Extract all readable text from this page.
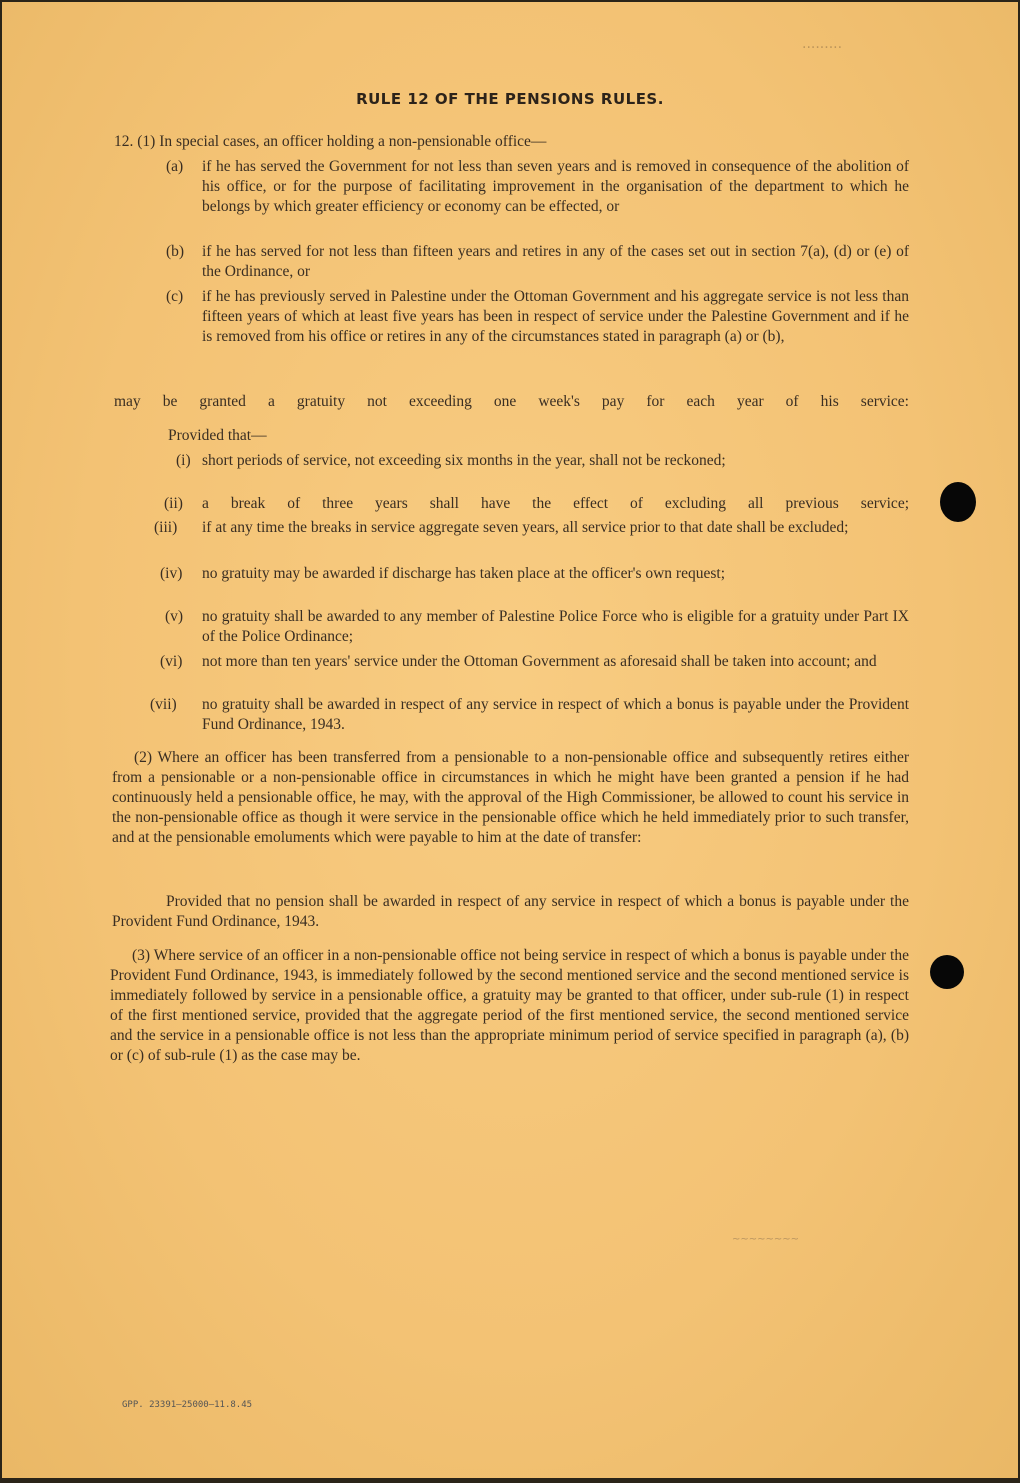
·········
RULE 12 OF THE PENSIONS RULES.
12. (1) In special cases, an officer holding a non-pensionable office—
(a) if he has served the Government for not less than seven years and is removed in consequence of the abolition of his office, or for the purpose of facilitating improvement in the organisation of the department to which he belongs by which greater efficiency or economy can be effected, or
(b) if he has served for not less than fifteen years and retires in any of the cases set out in section 7(a), (d) or (e) of the Ordinance, or
(c) if he has previously served in Palestine under the Ottoman Government and his aggregate service is not less than fifteen years of which at least five years has been in respect of service under the Palestine Government and if he is removed from his office or retires in any of the circumstances stated in paragraph (a) or (b),
may be granted a gratuity not exceeding one week's pay for each year of his service:
Provided that—
(i) short periods of service, not exceeding six months in the year, shall not be reckoned;
(ii) a break of three years shall have the effect of excluding all previous service;
(iii) if at any time the breaks in service aggregate seven years, all service prior to that date shall be excluded;
(iv) no gratuity may be awarded if discharge has taken place at the officer's own request;
(v) no gratuity shall be awarded to any member of Palestine Police Force who is eligible for a gratuity under Part IX of the Police Ordinance;
(vi) not more than ten years' service under the Ottoman Government as aforesaid shall be taken into account; and
(vii) no gratuity shall be awarded in respect of any service in respect of which a bonus is payable under the Provident Fund Ordinance, 1943.
(2) Where an officer has been transferred from a pensionable to a non-pensionable office and subsequently retires either from a pensionable or a non-pensionable office in circumstances in which he might have been granted a pension if he had continuously held a pensionable office, he may, with the approval of the High Commissioner, be allowed to count his service in the non-pensionable office as though it were service in the pensionable office which he held immediately prior to such transfer, and at the pensionable emoluments which were payable to him at the date of transfer:
Provided that no pension shall be awarded in respect of any service in respect of which a bonus is payable under the Provident Fund Ordinance, 1943.
(3) Where service of an officer in a non-pensionable office not being service in respect of which a bonus is payable under the Provident Fund Ordinance, 1943, is immediately followed by the second mentioned service and the second mentioned service is immediately followed by service in a pensionable office, a gratuity may be granted to that officer, under sub-rule (1) in respect of the first mentioned service, provided that the aggregate period of the first mentioned service, the second mentioned service and the service in a pensionable office is not less than the appropriate minimum period of service specified in paragraph (a), (b) or (c) of sub-rule (1) as the case may be.
~~~~~~~~
GPP. 23391—25000—11.8.45
